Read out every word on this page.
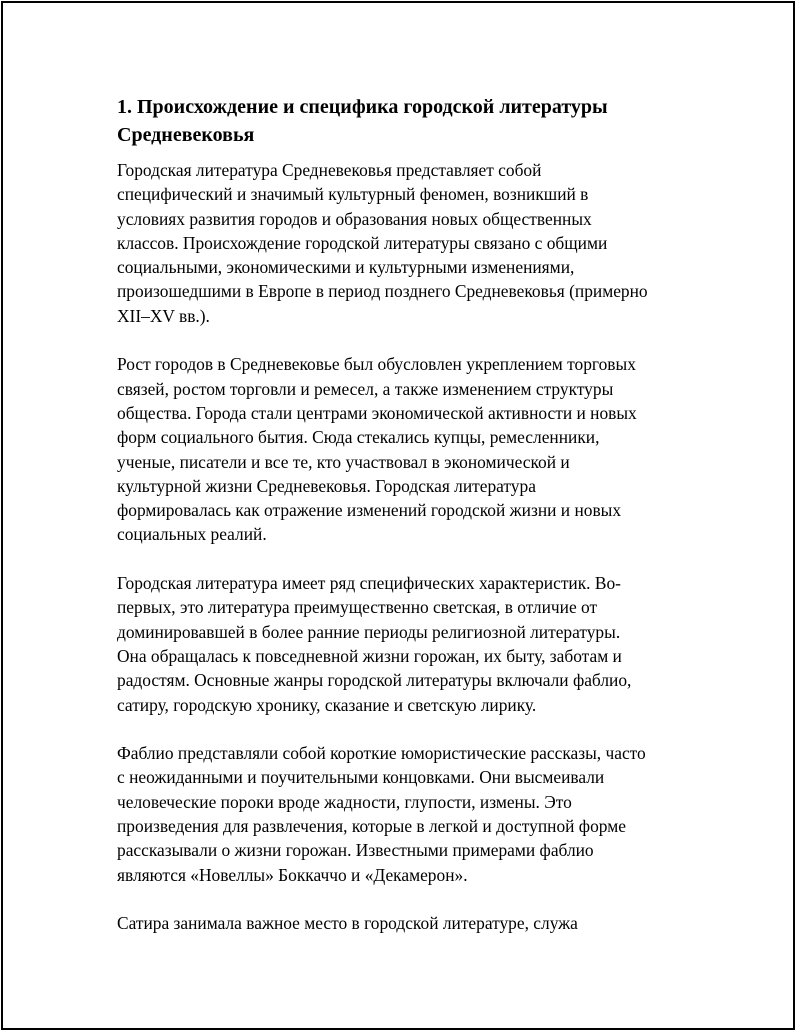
1. Происхождение и специфика городской литературы
Средневековья

Городская литература Средневековья представляет собой
специфический и значимый культурный феномен, возникший в
условиях развития городов и образования новых общественных
классов. Происхождение городской литературы связано с общими
социальными, экономическими и культурными изменениями,
произошедшими в Европе в период позднего Средневековья (примерно
XII–XV вв.).

Рост городов в Средневековье был обусловлен укреплением торговых
связей, ростом торговли и ремесел, а также изменением структуры
общества. Города стали центрами экономической активности и новых
форм социального бытия. Сюда стекались купцы, ремесленники,
ученые, писатели и все те, кто участвовал в экономической и
культурной жизни Средневековья. Городская литература
формировалась как отражение изменений городской жизни и новых
социальных реалий.

Городская литература имеет ряд специфических характеристик. Во-
первых, это литература преимущественно светская, в отличие от
доминировавшей в более ранние периоды религиозной литературы.
Она обращалась к повседневной жизни горожан, их быту, заботам и
радостям. Основные жанры городской литературы включали фаблио,
сатиру, городскую хронику, сказание и светскую лирику.

Фаблио представляли собой короткие юмористические рассказы, часто
с неожиданными и поучительными концовками. Они высмеивали
человеческие пороки вроде жадности, глупости, измены. Это
произведения для развлечения, которые в легкой и доступной форме
рассказывали о жизни горожан. Известными примерами фаблио
являются «Новеллы» Боккаччо и «Декамерон».

Сатира занимала важное место в городской литературе, служа
